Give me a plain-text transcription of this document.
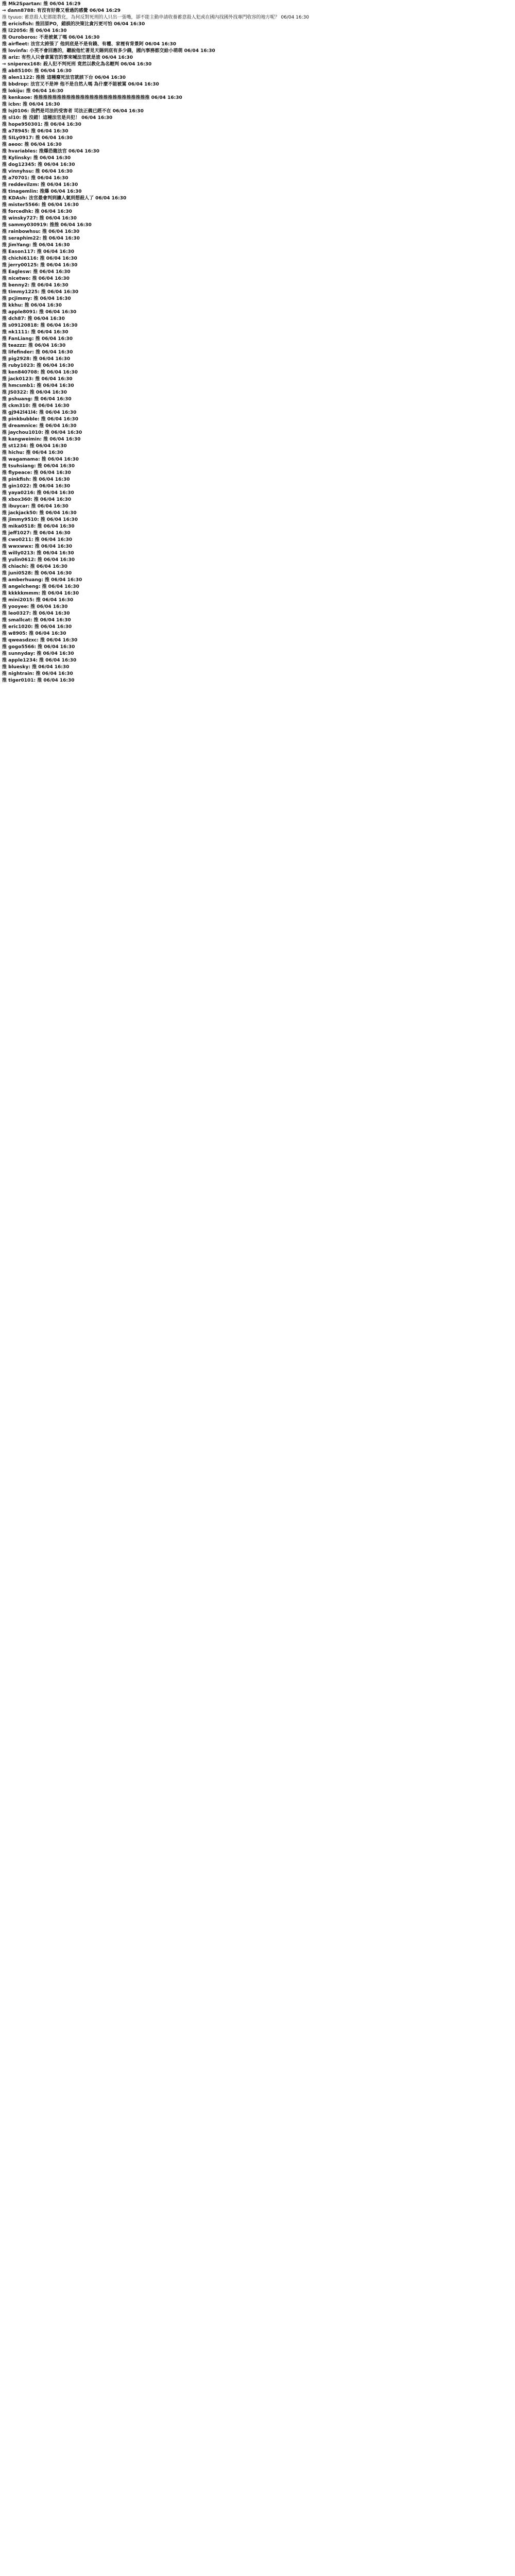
推 Mk2Spartan: 推 06/04 16:29
→ dann8788: 有沒有好像又看過的感覺 06/04 16:29
推 tyuuo: 蓄意殺人犯都能教化，為何反對死刑的人只出一張嘴，卻不能主動申請收養蓄意殺人犯或在國內找國外找專門收容的地方呢？ 06/04 16:30
推 ericisfish: 推回原PO，錯誤的決策比貪污更可怕 06/04 16:30
推 l22056: 推 06/04 16:30
推 Ouroboros: 不是被氣了嗎 06/04 16:30
推 airfleet: 法官太誇張了 他到底是不是有錢、有權、家裡有背景阿 06/04 16:30
推 lovinfa: 小英不會回應的，聽說他忙著見天賜到底有多少錢，國內事務都交給小萌萌 06/04 16:30
推 ariz: 有些人只會拿罵官的事來喊法官就是渣 06/04 16:30
→ sniperex168: 殺人犯不判死刑 竟然以教化為名輕判 06/04 16:30
推 ab85100: 推 06/04 16:30
推 alen1122: 推推 這種廢死法官就該下台 06/04 16:30
推 bbdrop: 法官又不是神 他不是自然人嗎 為什麼不能被罵 06/04 16:30
推 lokiju: 推 06/04 16:30
推 kenkaoe: 推推推推推推推推推推推推推推推推推推推推推推推推推 06/04 16:30
推 icbn: 推 06/04 16:30
推 lsj0106: 我們是司法的受害者 司法正義已經不在 06/04 16:30
推 sl10: 推 沒錯！這種法官是共犯！ 06/04 16:30
推 hope950301: 推 06/04 16:30
推 a78945: 推 06/04 16:30
推 SILy0917: 推 06/04 16:30
推 aeoo: 推 06/04 16:30
推 hvariables: 推爆恐龍法官 06/04 16:30
推 Kylinsky: 推 06/04 16:30
推 dog12345: 推 06/04 16:30
推 vinnyhsu: 推 06/04 16:30
推 a70701: 推 06/04 16:30
推 reddevilzm: 推 06/04 16:30
推 tinagemlin: 推爆 06/04 16:30
推 KDAsh: 法官最會判到讓人氣到想殺人了 06/04 16:30
推 mister5566: 推 06/04 16:30
推 forcedhk: 推 06/04 16:30
推 winsky727: 推 06/04 16:30
推 sammy030919: 推推 06/04 16:30
推 rainbowhsu: 推 06/04 16:30
推 seraphim22: 推 06/04 16:30
推 JimYang: 推 06/04 16:30
推 Eason117: 推 06/04 16:30
推 chichi6116: 推 06/04 16:30
推 jerry00125: 推 06/04 16:30
推 Eaglesw: 推 06/04 16:30
推 nicetwo: 推 06/04 16:30
推 benny2: 推 06/04 16:30
推 timmy1225: 推 06/04 16:30
推 pcjimmy: 推 06/04 16:30
推 kkhu: 推 06/04 16:30
推 apple8091: 推 06/04 16:30
推 dch87: 推 06/04 16:30
推 s09120818: 推 06/04 16:30
推 nk1111: 推 06/04 16:30
推 FanLiang: 推 06/04 16:30
推 teazzz: 推 06/04 16:30
推 lifefinder: 推 06/04 16:30
推 pig2928: 推 06/04 16:30
推 ruby1023: 推 06/04 16:30
推 ken840708: 推 06/04 16:30
推 jack0123: 推 06/04 16:30
推 hmcsmb1: 推 06/04 16:30
推 JS0322: 推 06/04 16:30
推 pshuang: 推 06/04 16:30
推 ckm310: 推 06/04 16:30
推 gj942l41l4: 推 06/04 16:30
推 pinkbubble: 推 06/04 16:30
推 dreamnice: 推 06/04 16:30
推 jaychou1010: 推 06/04 16:30
推 kangweimin: 推 06/04 16:30
推 st1234: 推 06/04 16:30
推 hichu: 推 06/04 16:30
推 wagamama: 推 06/04 16:30
推 tsuhsiang: 推 06/04 16:30
推 flypeace: 推 06/04 16:30
推 pinkfish: 推 06/04 16:30
推 gin1022: 推 06/04 16:30
推 yaya0216: 推 06/04 16:30
推 xbox360: 推 06/04 16:30
推 ibuycar: 推 06/04 16:30
推 jackjack50: 推 06/04 16:30
推 jimmy9510: 推 06/04 16:30
推 mika0518: 推 06/04 16:30
推 jeff1027: 推 06/04 16:30
推 cwo0211: 推 06/04 16:30
推 wwxwwx: 推 06/04 16:30
推 willy0213: 推 06/04 16:30
推 yulin0612: 推 06/04 16:30
推 chiachi: 推 06/04 16:30
推 juni0528: 推 06/04 16:30
推 amberhuang: 推 06/04 16:30
推 angelcheng: 推 06/04 16:30
推 kkkkkmmm: 推 06/04 16:30
推 mini2015: 推 06/04 16:30
推 yooyee: 推 06/04 16:30
推 leo0327: 推 06/04 16:30
推 smallcat: 推 06/04 16:30
推 eric1020: 推 06/04 16:30
推 w8905: 推 06/04 16:30
推 qweasdzxc: 推 06/04 16:30
推 gogo5566: 推 06/04 16:30
推 sunnyday: 推 06/04 16:30
推 apple1234: 推 06/04 16:30
推 bluesky: 推 06/04 16:30
推 nightrain: 推 06/04 16:30
推 tiger0101: 推 06/04 16:30
